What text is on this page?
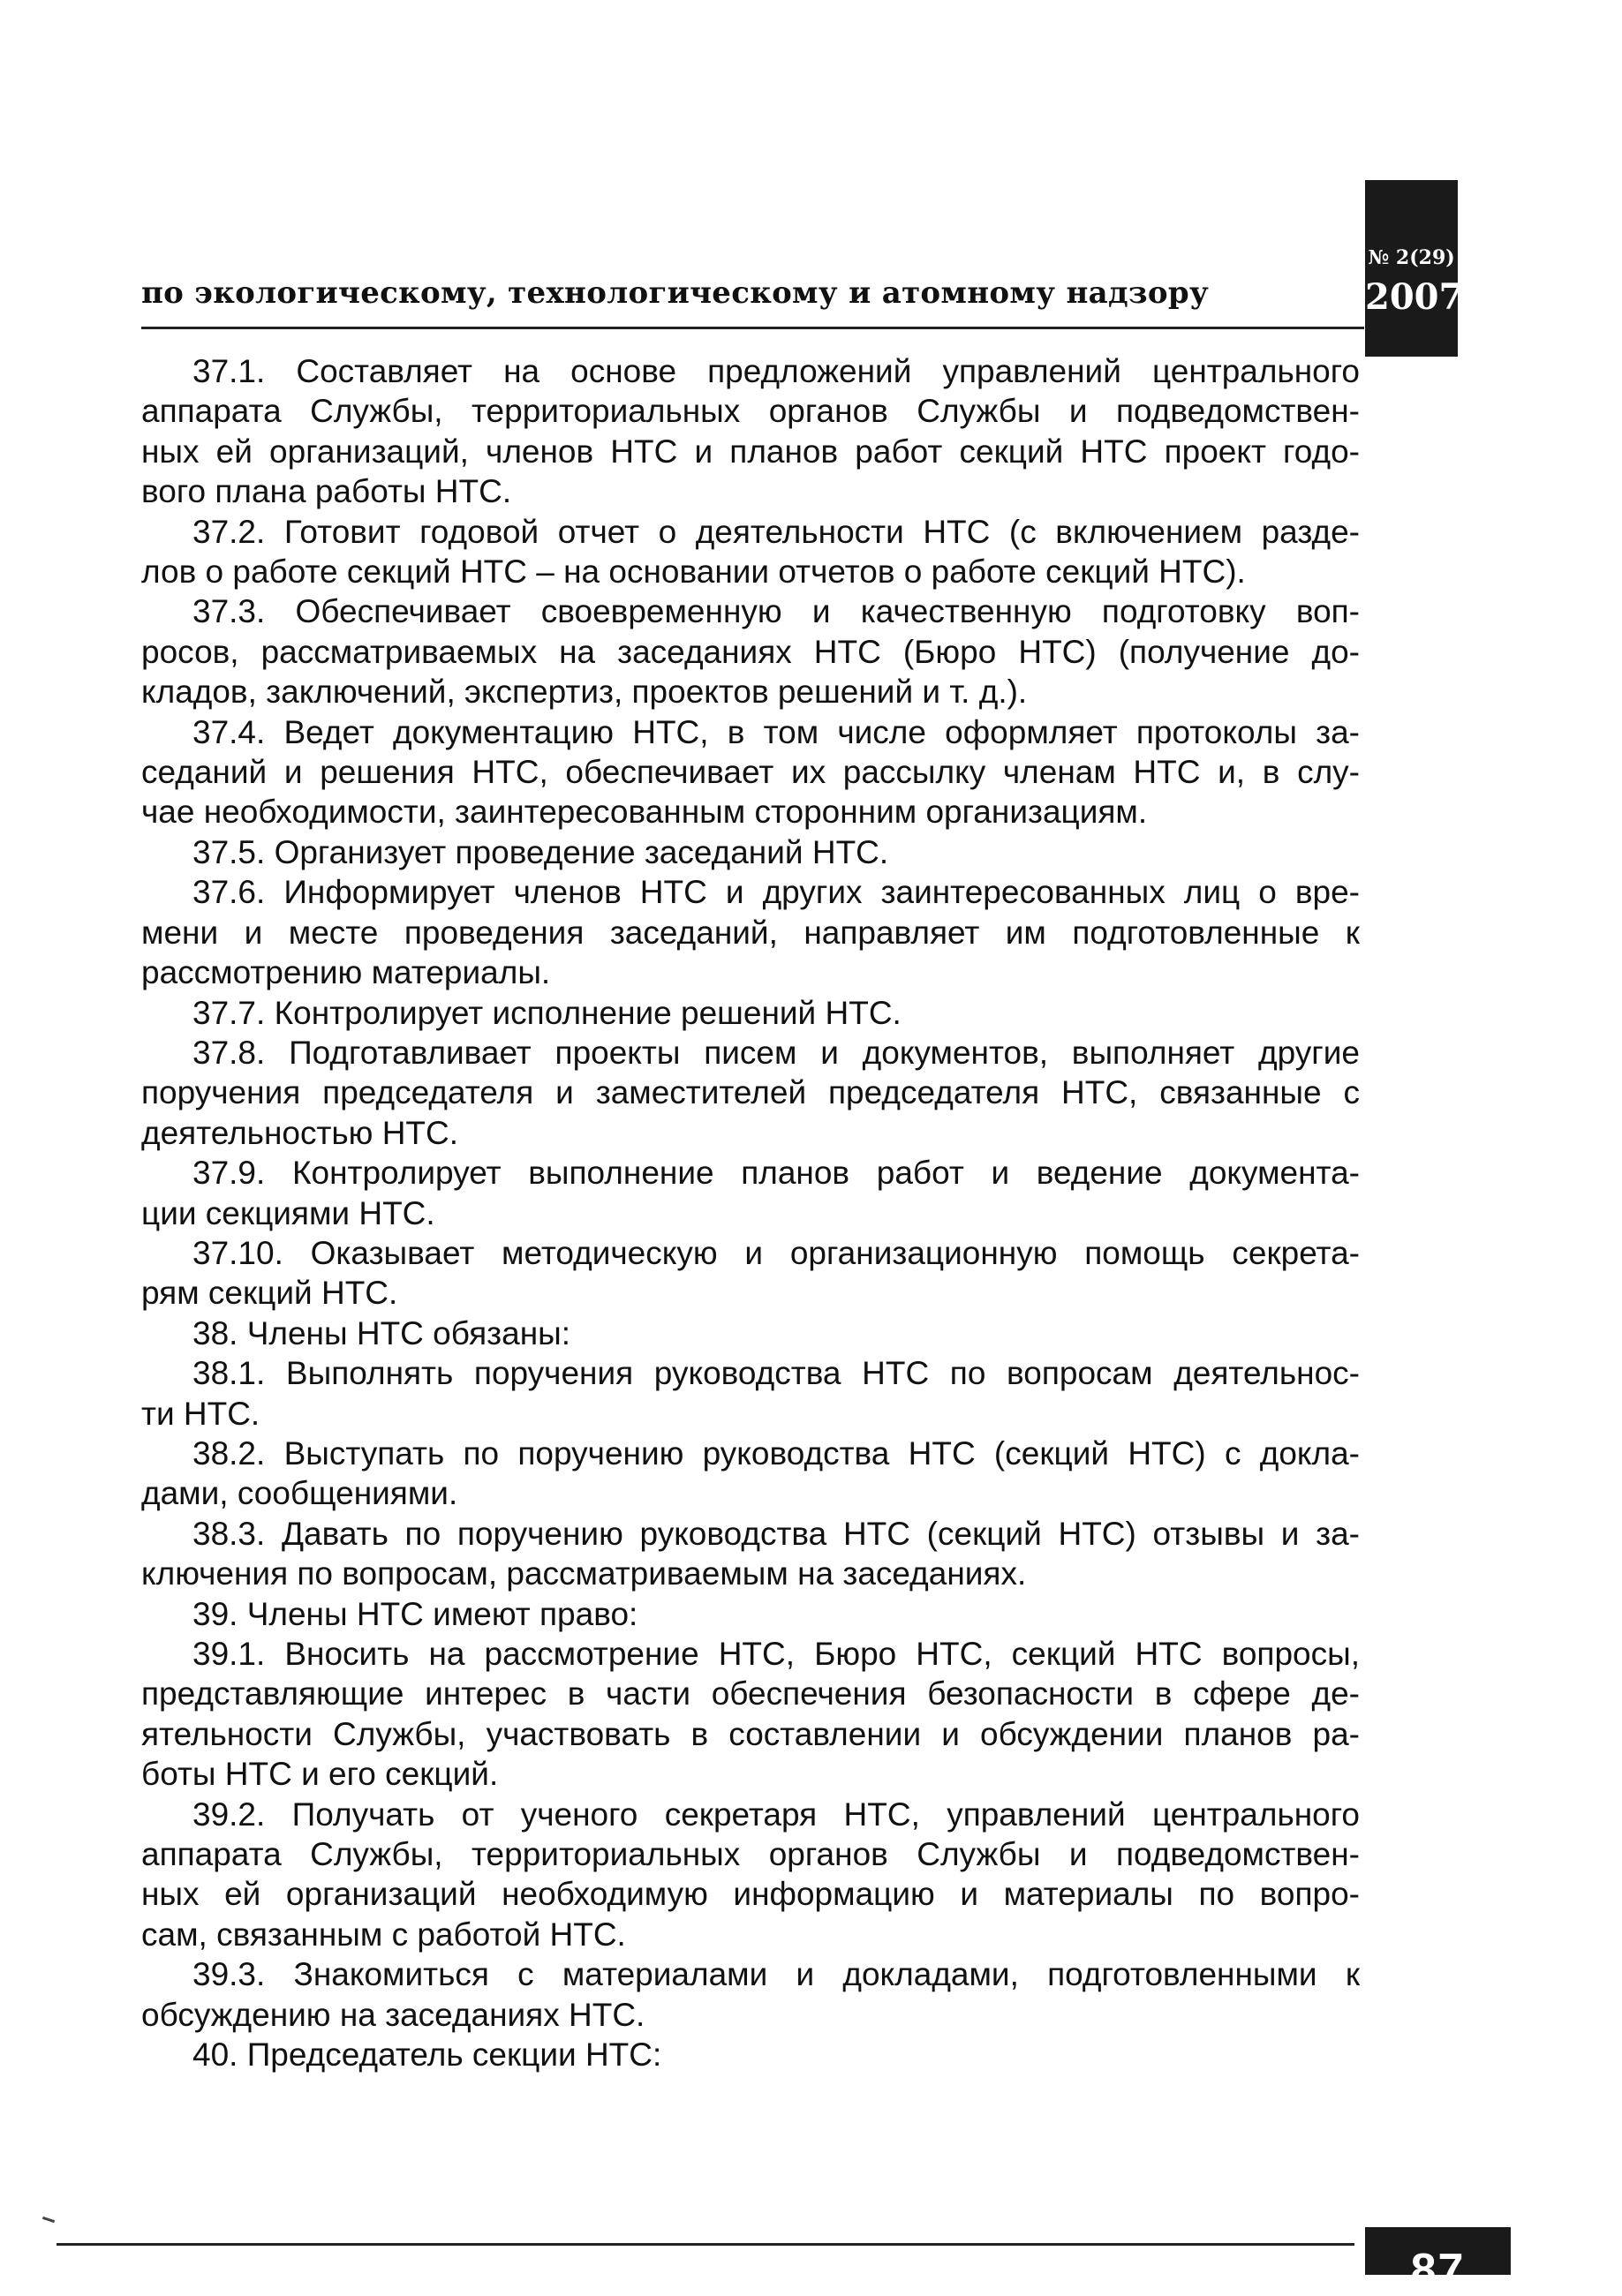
по экологическому, технологическому и атомному надзору
№ 2(29)
2007
37.1. Составляет на основе предложений управлений центрального
аппарата Службы, территориальных органов Службы и подведомствен-
ных ей организаций, членов НТС и планов работ секций НТС проект годо-
вого плана работы НТС.
37.2. Готовит годовой отчет о деятельности НТС (с включением разде-
лов о работе секций НТС – на основании отчетов о работе секций НТС).
37.3. Обеспечивает своевременную и качественную подготовку воп-
росов, рассматриваемых на заседаниях НТС (Бюро НТС) (получение до-
кладов, заключений, экспертиз, проектов решений и т. д.).
37.4. Ведет документацию НТС, в том числе оформляет протоколы за-
седаний и решения НТС, обеспечивает их рассылку членам НТС и, в слу-
чае необходимости, заинтересованным сторонним организациям.
37.5. Организует проведение заседаний НТС.
37.6. Информирует членов НТС и других заинтересованных лиц о вре-
мени и месте проведения заседаний, направляет им подготовленные к
рассмотрению материалы.
37.7. Контролирует исполнение решений НТС.
37.8. Подготавливает проекты писем и документов, выполняет другие
поручения председателя и заместителей председателя НТС, связанные с
деятельностью НТС.
37.9. Контролирует выполнение планов работ и ведение документа-
ции секциями НТС.
37.10. Оказывает методическую и организационную помощь секрета-
рям секций НТС.
38. Члены НТС обязаны:
38.1. Выполнять поручения руководства НТС по вопросам деятельнос-
ти НТС.
38.2. Выступать по поручению руководства НТС (секций НТС) с докла-
дами, сообщениями.
38.3. Давать по поручению руководства НТС (секций НТС) отзывы и за-
ключения по вопросам, рассматриваемым на заседаниях.
39. Члены НТС имеют право:
39.1. Вносить на рассмотрение НТС, Бюро НТС, секций НТС вопросы,
представляющие интерес в части обеспечения безопасности в сфере де-
ятельности Службы, участвовать в составлении и обсуждении планов ра-
боты НТС и его секций.
39.2. Получать от ученого секретаря НТС, управлений центрального
аппарата Службы, территориальных органов Службы и подведомствен-
ных ей организаций необходимую информацию и материалы по вопро-
сам, связанным с работой НТС.
39.3. Знакомиться с материалами и докладами, подготовленными к
обсуждению на заседаниях НТС.
40. Председатель секции НТС:
87
